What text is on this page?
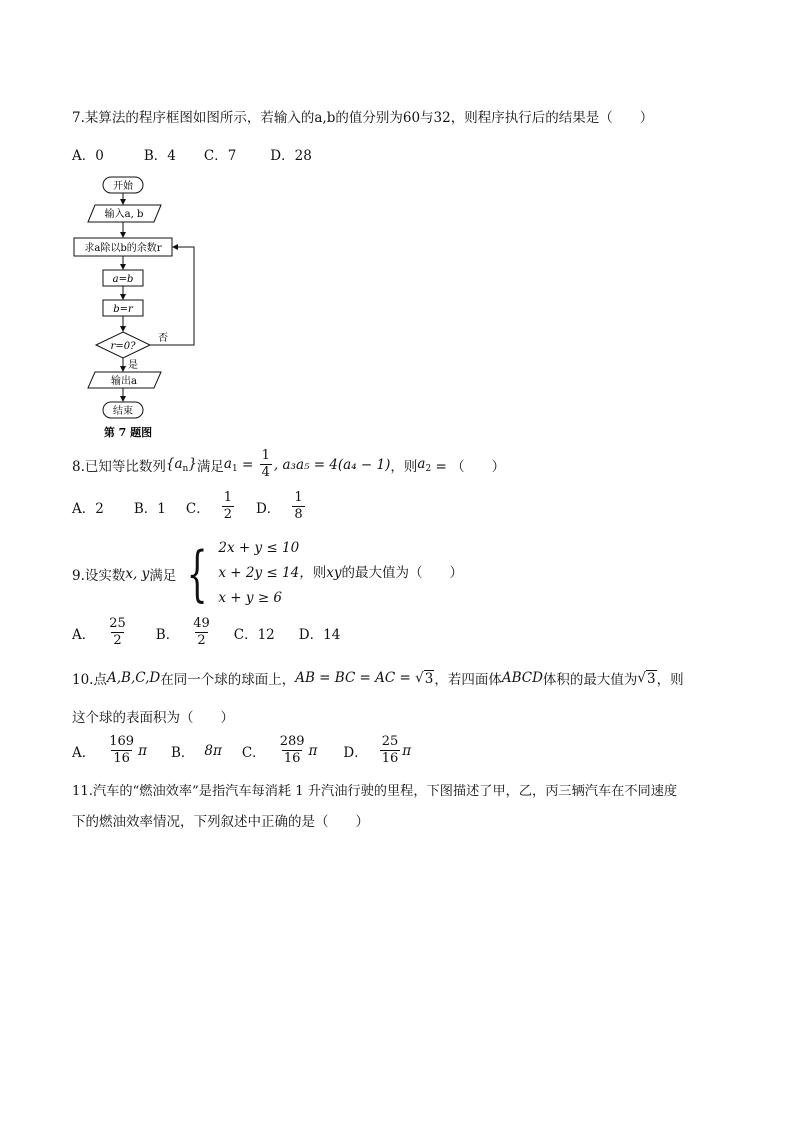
7.某算法的程序框图如图所示，若输入的a,b的值分别为60与32，则程序执行后的结果是（　　）
A．0	B．4 C．7	D．28
开始
输入a, b
求a除以b的余数r
a=b
b=r
r=0?
否
是
输出a
结束
第 7 题图
8.已知等比数列 $\{a_n\}$ 满足 $a_1 = \frac{1}{4}$ , a₃a₅ = 4(a₄ − 1) ，则 $a_2$ = （　　）
A．2 B．1 C． $\frac{1}{2}$ D． $\frac{1}{8}$
9.设实数 x, y 满足 { 2x + y ≤ 10
x + 2y ≤ 14，则xy的最大值为（　　）
x + y ≥ 6
A． $\frac{25}{2}$ B． $\frac{49}{2}$ C．12 D．14
10.点 A,B,C,D 在同一个球的球面上， AB = BC = AC = √ 3 ，若四面体 ABCD 体积的最大值为 √ 3 ，则
这个球的表面积为（　　）
A． $\frac{169}{16}$ π B． 8π C． $\frac{289}{16}$ π D． $\frac{25}{16}$ π
11.汽车的“燃油效率”是指汽车每消耗 1 升汽油行驶的里程，下图描述了甲，乙，丙三辆汽车在不同速度
下的燃油效率情况，下列叙述中正确的是（　　）
